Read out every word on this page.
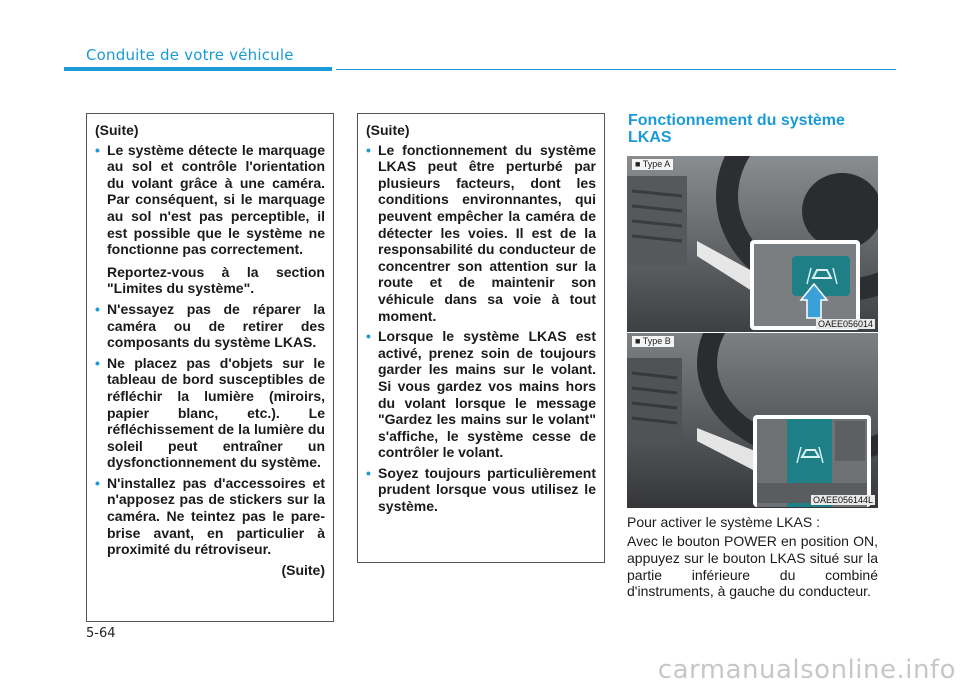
Conduite de votre véhicule
(Suite)
• Le système détecte le marquage au sol et contrôle l'orientation du volant grâce à une caméra. Par conséquent, si le marquage au sol n'est pas perceptible, il est possible que le système ne fonctionne pas correctement.
Reportez-vous à la section "Limites du système".
• N'essayez pas de réparer la caméra ou de retirer des composants du système LKAS.
• Ne placez pas d'objets sur le tableau de bord susceptibles de réfléchir la lumière (miroirs, papier blanc, etc.). Le réfléchissement de la lumière du soleil peut entraîner un dysfonctionnement du système.
• N'installez pas d'accessoires et n'apposez pas de stickers sur la caméra. Ne teintez pas le pare-brise avant, en particulier à proximité du rétroviseur.
(Suite)
(Suite)
• Le fonctionnement du système LKAS peut être perturbé par plusieurs facteurs, dont les conditions environnantes, qui peuvent empêcher la caméra de détecter les voies. Il est de la responsabilité du conducteur de concentrer son attention sur la route et de maintenir son véhicule dans sa voie à tout moment.
• Lorsque le système LKAS est activé, prenez soin de toujours garder les mains sur le volant. Si vous gardez vos mains hors du volant lorsque le message "Gardez les mains sur le volant" s'affiche, le système cesse de contrôler le volant.
• Soyez toujours particulièrement prudent lorsque vous utilisez le système.
Fonctionnement du système LKAS
■ Type A
OAEE056014
■ Type B
OAEE056144L
Pour activer le système LKAS :
Avec le bouton POWER en position ON, appuyez sur le bouton LKAS situé sur la partie inférieure du combiné d'instruments, à gauche du conducteur.
5-64
carmanualsonline.info
